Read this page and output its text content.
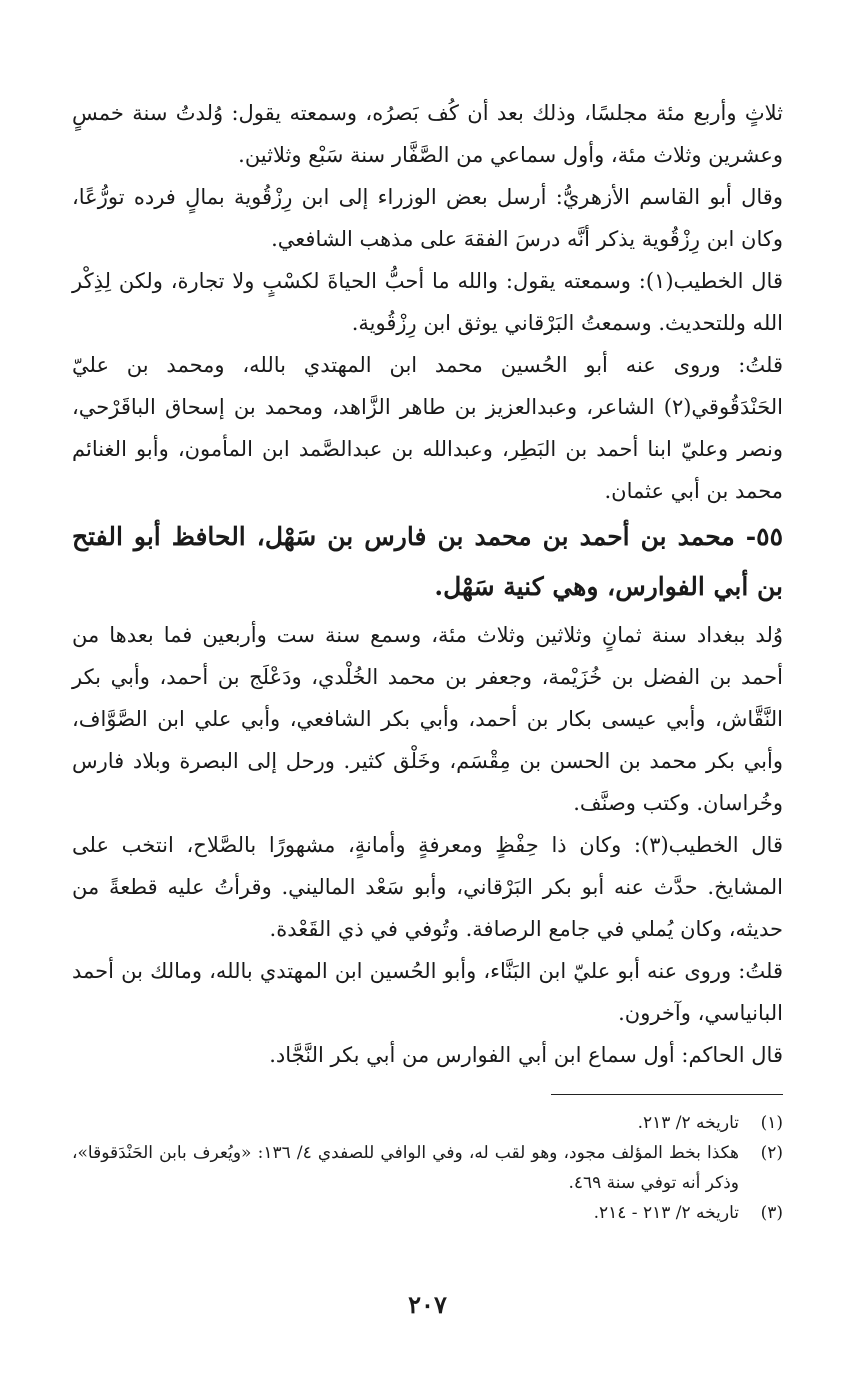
ثلاثٍ وأربع مئة مجلسًا، وذلك بعد أن كُف بَصرُه، وسمعته يقول: وُلدتُ سنة خمسٍ وعشرين وثلاث مئة، وأول سماعي من الصَّفَّار سنة سَبْع وثلاثين.

وقال أبو القاسم الأزهريُّ: أرسل بعض الوزراء إلى ابن رِزْقُوية بمالٍ فرده تورُّعًا، وكان ابن رِزْقُوية يذكر أنَّه درسَ الفقهَ على مذهب الشافعي.

قال الخطيب(١): وسمعته يقول: والله ما أحبُّ الحياةَ لكسْبٍ ولا تجارة، ولكن لِذِكْر الله وللتحديث. وسمعتُ البَرْقاني يوثق ابن رِزْقُوية.

قلتُ: وروى عنه أبو الحُسين محمد ابن المهتدي بالله، ومحمد بن عليّ الحَنْدَقُوقي(٢) الشاعر، وعبدالعزيز بن طاهر الزَّاهد، ومحمد بن إسحاق الباقَرْحي، ونصر وعليّ ابنا أحمد بن البَطِر، وعبدالله بن عبدالصَّمد ابن المأمون، وأبو الغنائم محمد بن أبي عثمان.

٥٥- محمد بن أحمد بن محمد بن فارس بن سَهْل، الحافظ أبو الفتح بن أبي الفوارس، وهي كنية سَهْل.

وُلد ببغداد سنة ثمانٍ وثلاثين وثلاث مئة، وسمع سنة ست وأربعين فما بعدها من أحمد بن الفضل بن خُزَيْمة، وجعفر بن محمد الخُلْدي، ودَعْلَج بن أحمد، وأبي بكر النَّقَّاش، وأبي عيسى بكار بن أحمد، وأبي بكر الشافعي، وأبي علي ابن الصَّوَّاف، وأبي بكر محمد بن الحسن بن مِقْسَم، وخَلْق كثير. ورحل إلى البصرة وبلاد فارس وخُراسان. وكتب وصنَّف.

قال الخطيب(٣): وكان ذا حِفْظٍ ومعرفةٍ وأمانةٍ، مشهورًا بالصَّلاح، انتخب على المشايخ. حدَّث عنه أبو بكر البَرْقاني، وأبو سَعْد الماليني. وقرأتُ عليه قطعةً من حديثه، وكان يُملي في جامع الرصافة. وتُوفي في ذي القَعْدة.

قلتُ: وروى عنه أبو عليّ ابن البَنَّاء، وأبو الحُسين ابن المهتدي بالله، ومالك بن أحمد البانياسي، وآخرون.

قال الحاكم: أول سماع ابن أبي الفوارس من أبي بكر النَّجَّاد.

(١)
تاريخه ٢/ ٢١٣.
(٢)
هكذا بخط المؤلف مجود، وهو لقب له، وفي الوافي للصفدي ٤/ ١٣٦: «ويُعرف بابن الحَنْدَقوقا»، وذكر أنه توفي سنة ٤٦٩.
(٣)
تاريخه ٢/ ٢١٣ - ٢١٤.
٢٠٧
